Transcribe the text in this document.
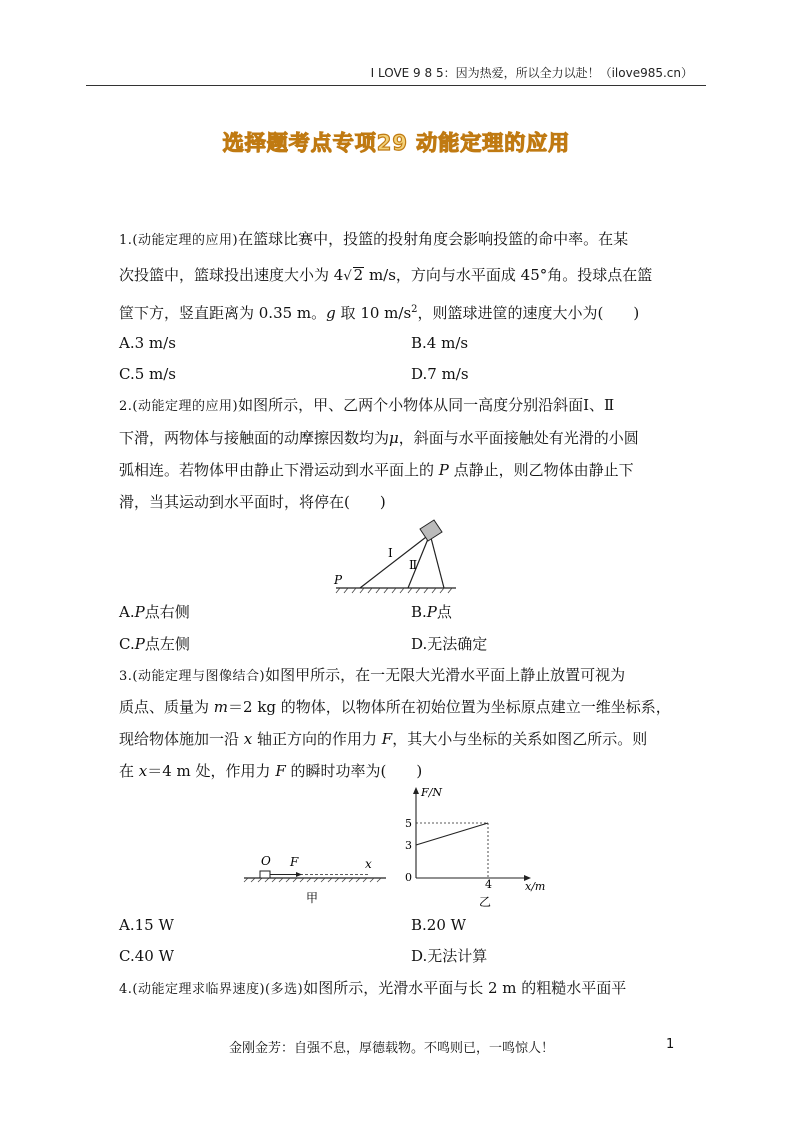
I LOVE 9 8 5：因为热爱，所以全力以赴！（ilove985.cn）
选择题考点专项29 动能定理的应用
1.(动能定理的应用)在篮球比赛中，投篮的投射角度会影响投篮的命中率。在某
次投篮中，篮球投出速度大小为 4√ 2 m/s，方向与水平面成 45°角。投球点在篮
筐下方，竖直距离为 0.35 m。g 取 10 $m/s^2$，则篮球进筐的速度大小为(　　)
A.3 m/s	B.4 m/s
C.5 m/s	D.7 m/s
2.(动能定理的应用)如图所示，甲、乙两个小物体从同一高度分别沿斜面Ⅰ、Ⅱ
下滑，两物体与接触面的动摩擦因数均为μ，斜面与水平面接触处有光滑的小圆
弧相连。若物体甲由静止下滑运动到水平面上的 P 点静止，则乙物体由静止下
滑，当其运动到水平面时，将停在(　　)
Ⅰ
Ⅱ
P
A.P点右侧	B.P点
C.P点左侧	D.无法确定
3.(动能定理与图像结合)如图甲所示，在一无限大光滑水平面上静止放置可视为
质点、质量为 m＝2 kg 的物体，以物体所在初始位置为坐标原点建立一维坐标系，
现给物体施加一沿 x 轴正方向的作用力 F，其大小与坐标的关系如图乙所示。则
在 x＝4 m 处，作用力 F 的瞬时功率为(　　)
O F	x
甲
F/N
5
3
0
4	x/m
乙
A.15 W	B.20 W
C.40 W	D.无法计算
4.(动能定理求临界速度)(多选)如图所示，光滑水平面与长 2 m 的粗糙水平面平
金刚金芳：自强不息，厚德载物。不鸣则已，一鸣惊人！	1
